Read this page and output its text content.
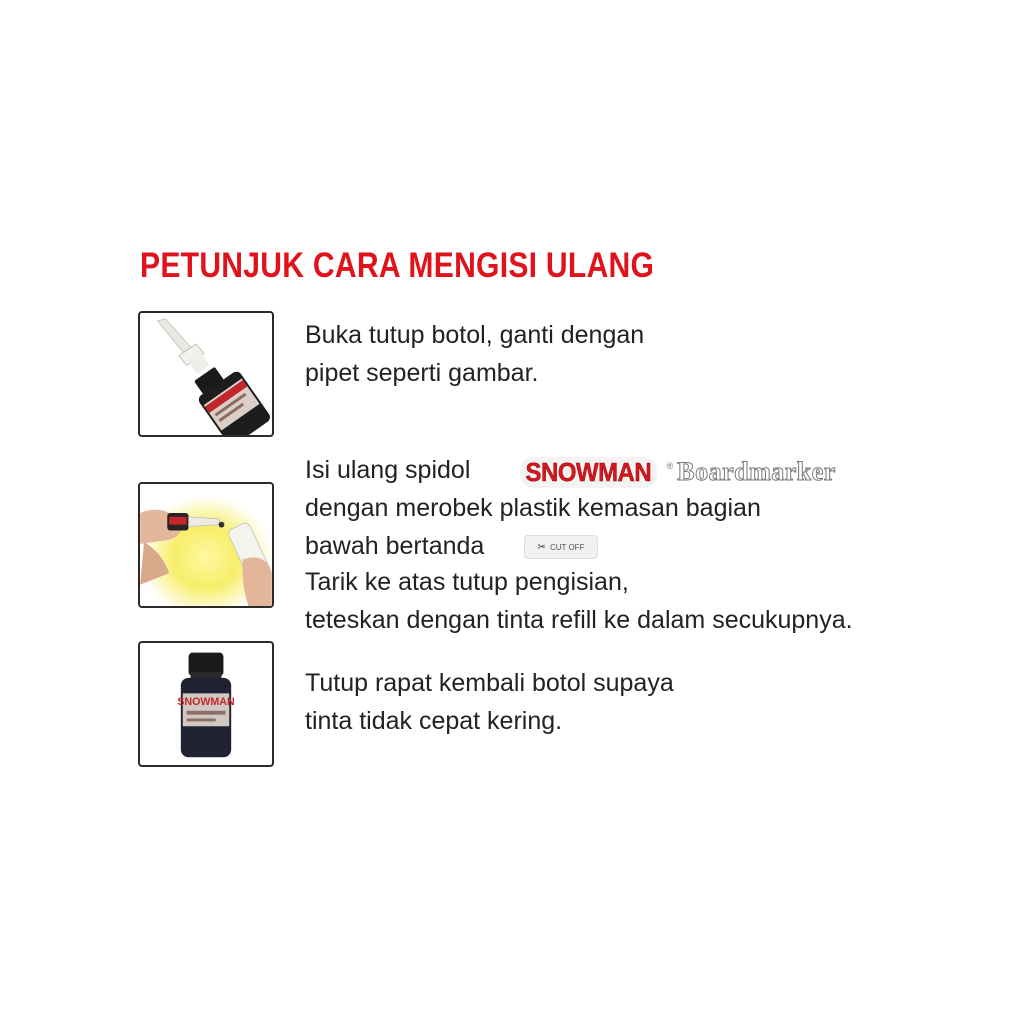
PETUNJUK CARA MENGISI ULANG
Buka tutup botol, ganti dengan
pipet seperti gambar.
Isi ulang spidol SNOWMAN	® Boardmarker
dengan merobek plastik kemasan bagian
bawah bertanda	✂ CUT OFF
Tarik ke atas tutup pengisian,
teteskan dengan tinta refill ke dalam secukupnya.
SNOWMAN
Tutup rapat kembali botol supaya
tinta tidak cepat kering.
